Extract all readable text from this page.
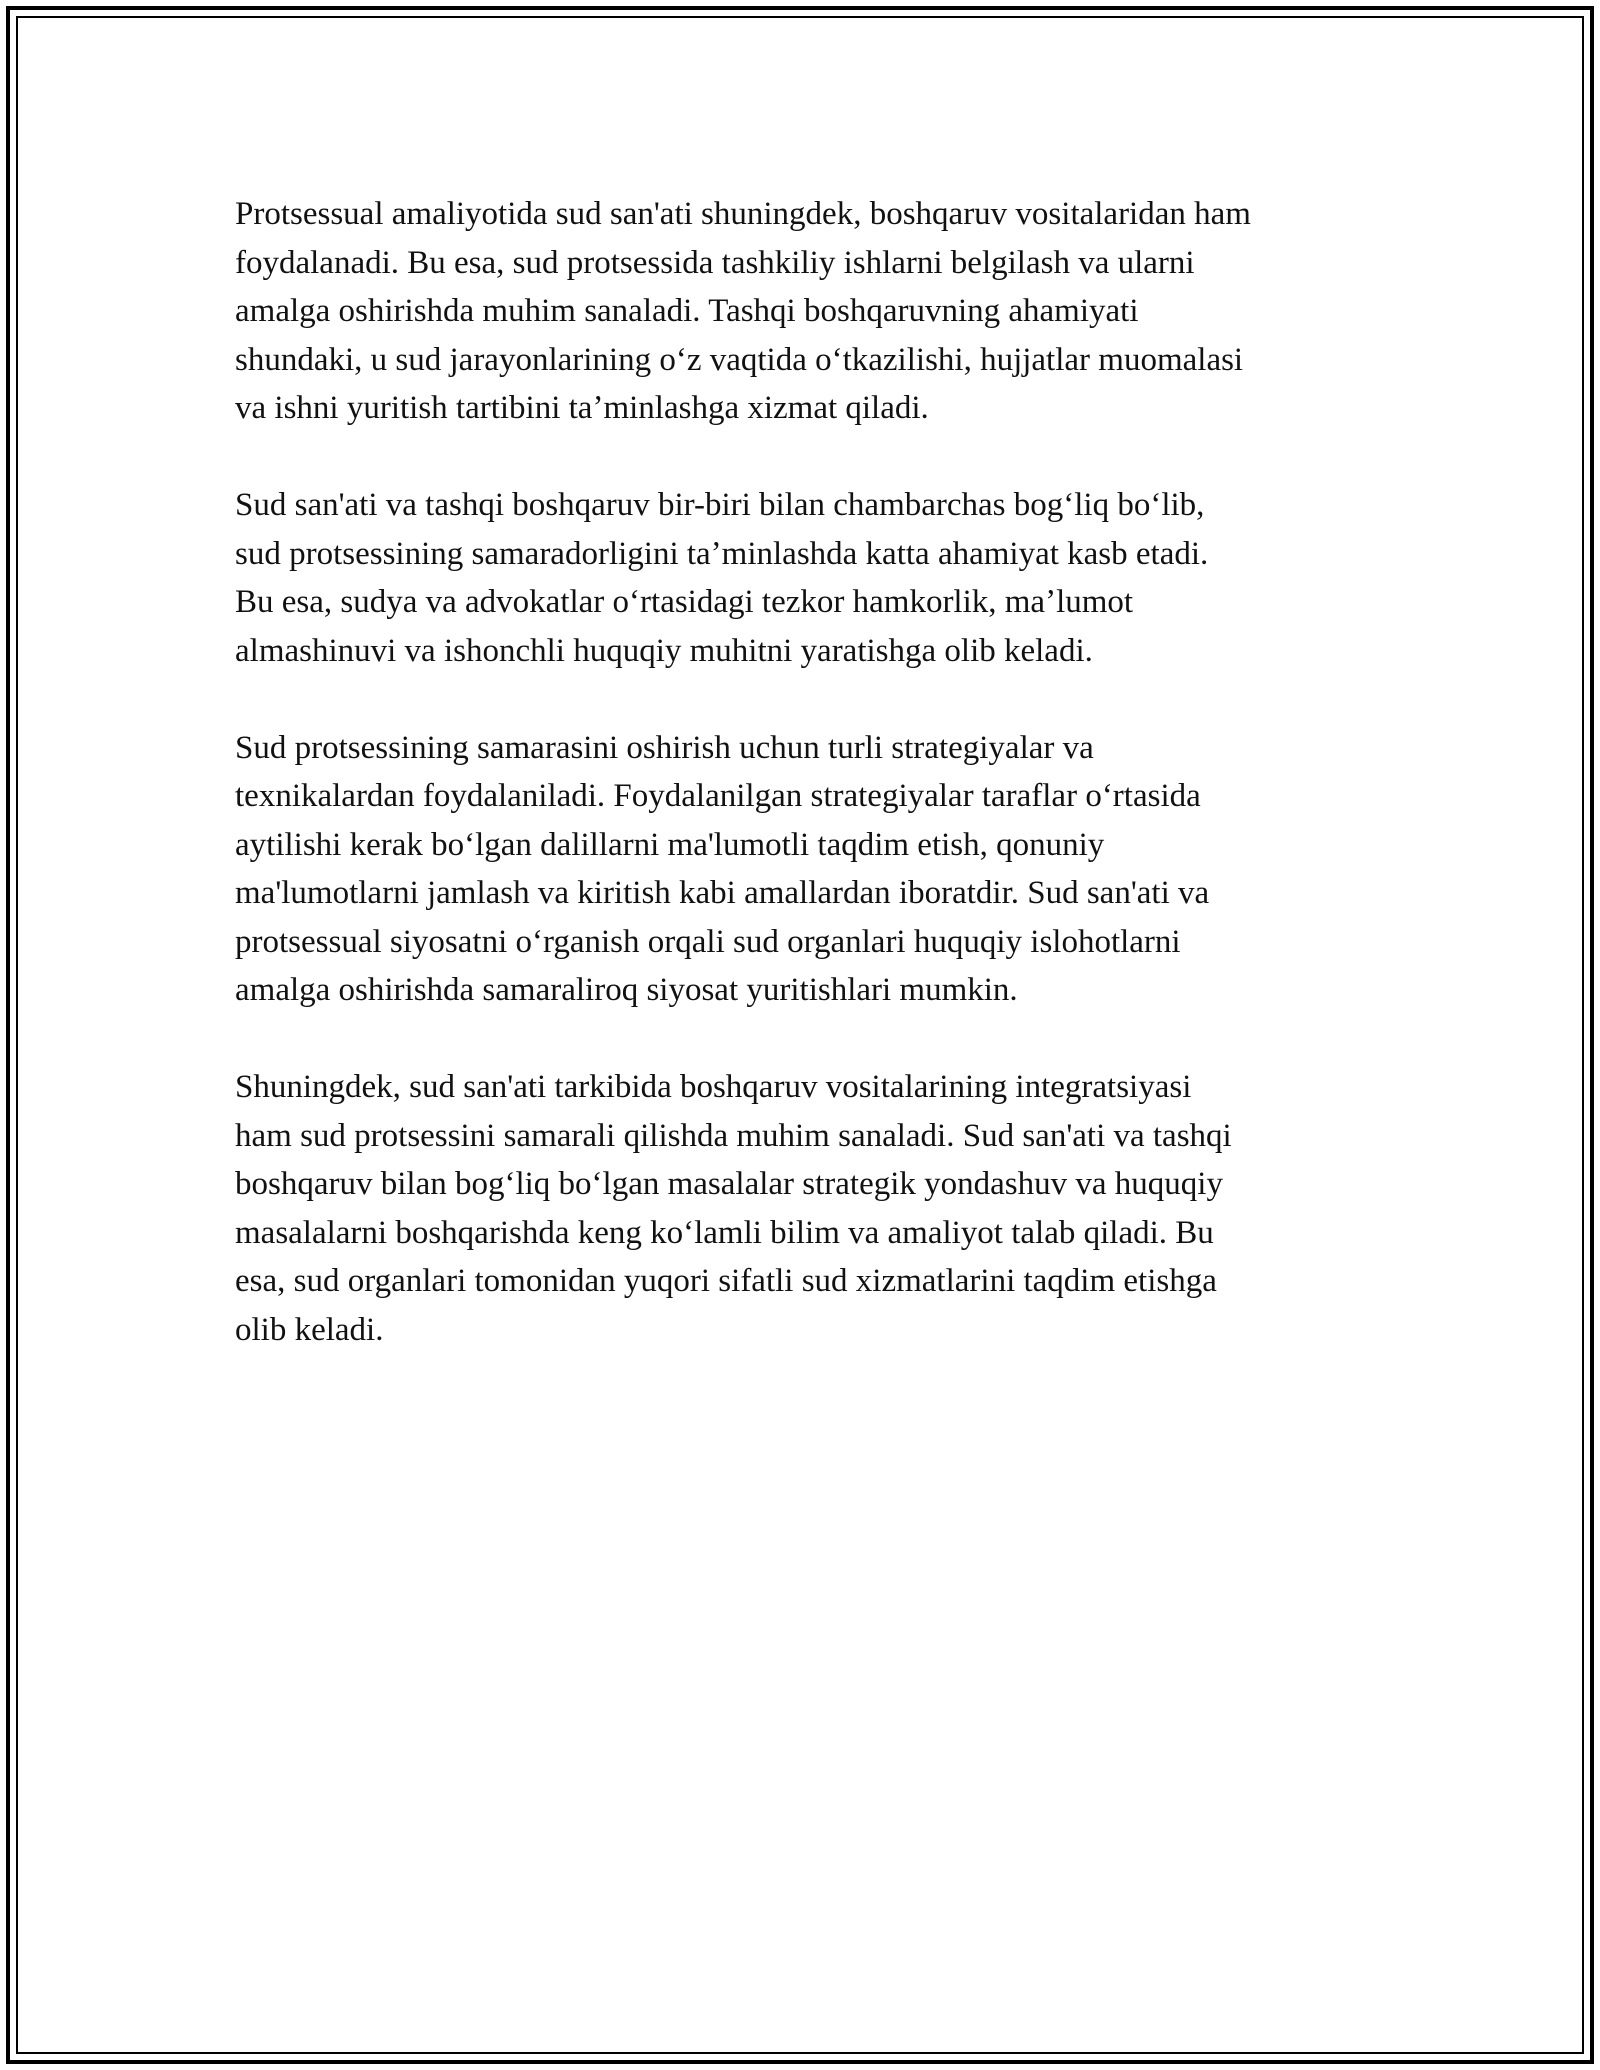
Protsessual amaliyotida sud san'ati shuningdek, boshqaruv vositalaridan ham
foydalanadi. Bu esa, sud protsessida tashkiliy ishlarni belgilash va ularni
amalga oshirishda muhim sanaladi. Tashqi boshqaruvning ahamiyati
shundaki, u sud jarayonlarining oʻz vaqtida oʻtkazilishi, hujjatlar muomalasi
va ishni yuritish tartibini taʼminlashga xizmat qiladi.

Sud san'ati va tashqi boshqaruv bir-biri bilan chambarchas bogʻliq boʻlib,
sud protsessining samaradorligini taʼminlashda katta ahamiyat kasb etadi.
Bu esa, sudya va advokatlar oʻrtasidagi tezkor hamkorlik, maʼlumot
almashinuvi va ishonchli huquqiy muhitni yaratishga olib keladi.

Sud protsessining samarasini oshirish uchun turli strategiyalar va
texnikalardan foydalaniladi. Foydalanilgan strategiyalar taraflar oʻrtasida
aytilishi kerak boʻlgan dalillarni ma'lumotli taqdim etish, qonuniy
ma'lumotlarni jamlash va kiritish kabi amallardan iboratdir. Sud san'ati va
protsessual siyosatni oʻrganish orqali sud organlari huquqiy islohotlarni
amalga oshirishda samaraliroq siyosat yuritishlari mumkin.

Shuningdek, sud san'ati tarkibida boshqaruv vositalarining integratsiyasi
ham sud protsessini samarali qilishda muhim sanaladi. Sud san'ati va tashqi
boshqaruv bilan bogʻliq boʻlgan masalalar strategik yondashuv va huquqiy
masalalarni boshqarishda keng koʻlamli bilim va amaliyot talab qiladi. Bu
esa, sud organlari tomonidan yuqori sifatli sud xizmatlarini taqdim etishga
olib keladi.
